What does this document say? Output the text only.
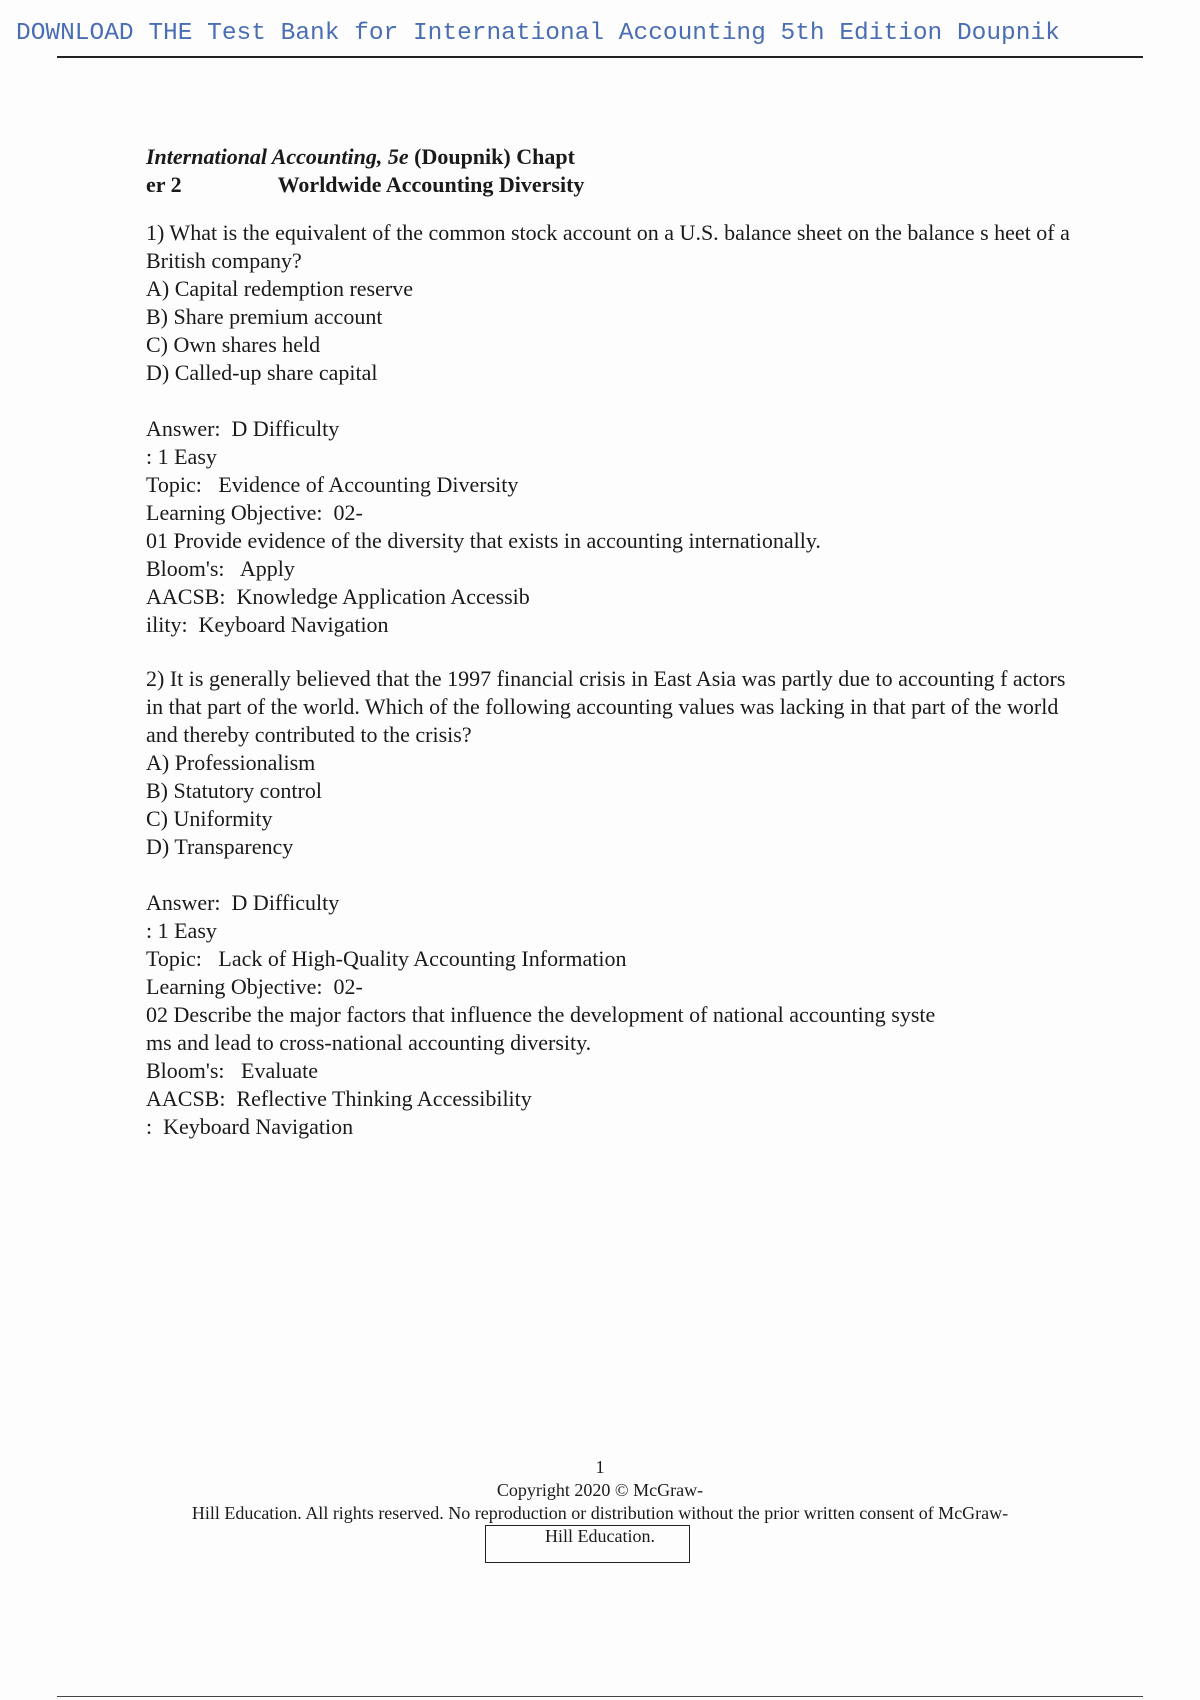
DOWNLOAD THE Test Bank for International Accounting 5th Edition Doupnik

International Accounting, 5e (Doupnik) Chapt

er 2	Worldwide Accounting Diversity

1) What is the equivalent of the common stock account on a U.S. balance sheet on the balance s heet of a British company?

A) Capital redemption reserve
B) Share premium account
C) Own shares held
D) Called-up share capital

Answer:  D Difficulty

: 1 Easy

Topic:   Evidence of Accounting Diversity

Learning Objective:  02-

01 Provide evidence of the diversity that exists in accounting internationally.

Bloom's:   Apply

AACSB:  Knowledge Application Accessib

ility:  Keyboard Navigation

2) It is generally believed that the 1997 financial crisis in East Asia was partly due to accounting f actors in that part of the world. Which of the following accounting values was lacking in that part of the world and thereby contributed to the crisis?

A) Professionalism
B) Statutory control
C) Uniformity
D) Transparency

Answer:  D Difficulty

: 1 Easy

Topic:   Lack of High-Quality Accounting Information

Learning Objective:  02-

02 Describe the major factors that influence the development of national accounting syste

ms and lead to cross-national accounting diversity.

Bloom's:   Evaluate

AACSB:  Reflective Thinking Accessibility

:  Keyboard Navigation

1

Copyright 2020 © McGraw-

Hill Education. All rights reserved. No reproduction or distribution without the prior written consent of McGraw-

Hill Education.
